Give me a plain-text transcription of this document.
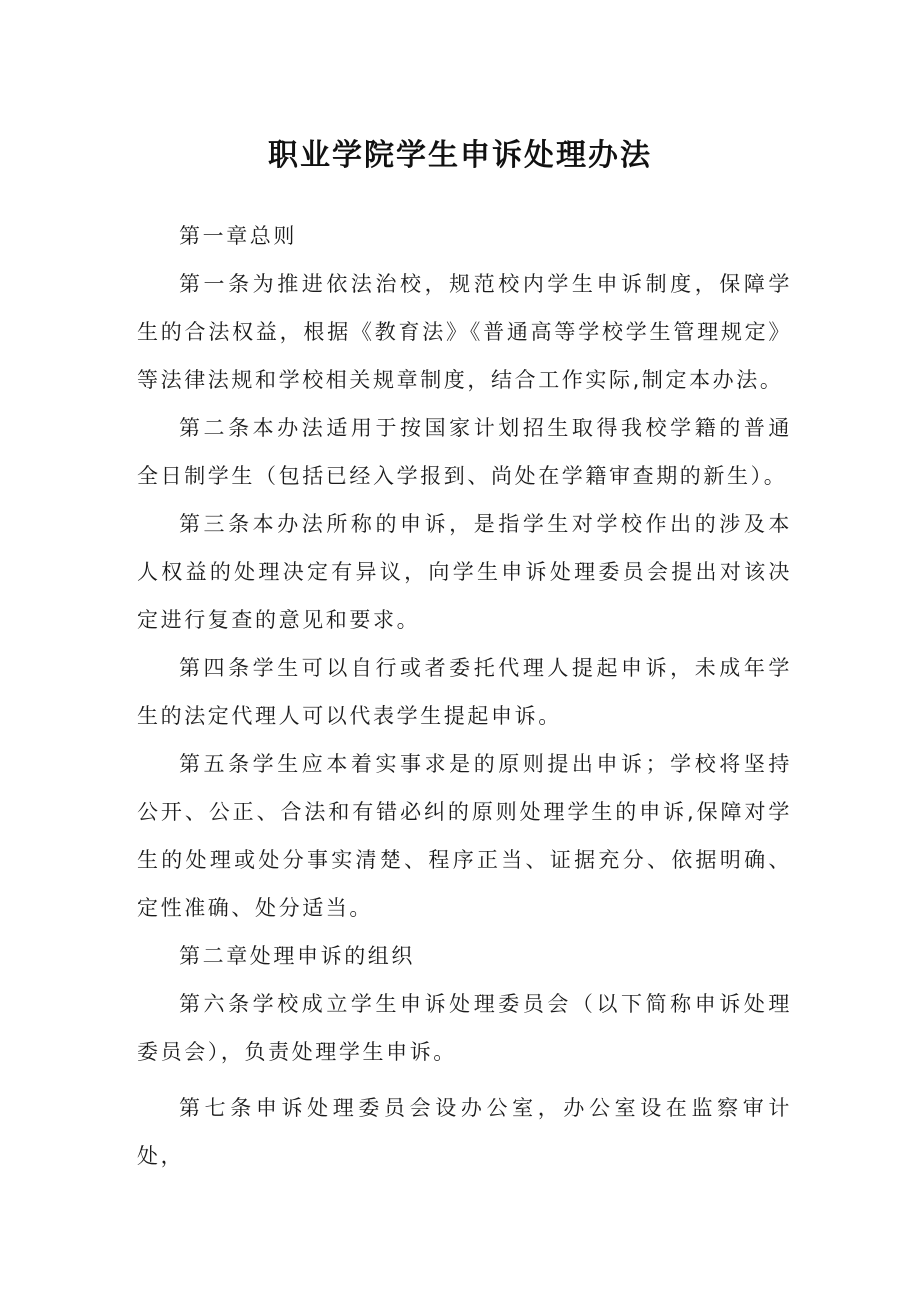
职业学院学生申诉处理办法

第一章总则

第一条为推进依法治校，规范校内学生申诉制度，保障学生的合法权益，根据《教育法》《普通高等学校学生管理规定》等法律法规和学校相关规章制度，结合工作实际,制定本办法。

第二条本办法适用于按国家计划招生取得我校学籍的普通全日制学生（包括已经入学报到、尚处在学籍审查期的新生）。

第三条本办法所称的申诉，是指学生对学校作出的涉及本人权益的处理决定有异议，向学生申诉处理委员会提出对该决定进行复查的意见和要求。

第四条学生可以自行或者委托代理人提起申诉，未成年学生的法定代理人可以代表学生提起申诉。

第五条学生应本着实事求是的原则提出申诉；学校将坚持公开、公正、合法和有错必纠的原则处理学生的申诉,保障对学生的处理或处分事实清楚、程序正当、证据充分、依据明确、定性准确、处分适当。

第二章处理申诉的组织

第六条学校成立学生申诉处理委员会（以下简称申诉处理委员会），负责处理学生申诉。

第七条申诉处理委员会设办公室，办公室设在监察审计处，
